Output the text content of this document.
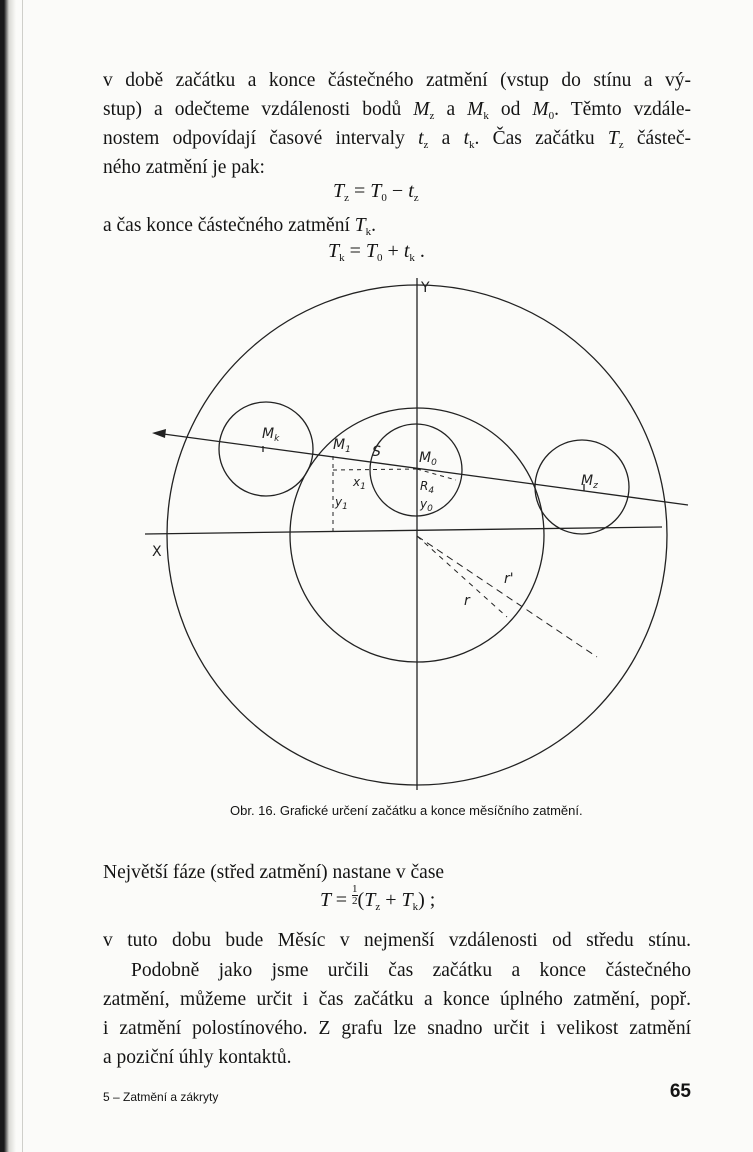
v době začátku a konce částečného zatmění (vstup do stínu a vý-
stup) a odečteme vzdálenosti bodů $M_z$ a $M_k$ od $M_0$. Těmto vzdále-
nostem odpovídají časové intervaly $t_z$ a $t_k$. Čas začátku $T_z$ částeč-
ného zatmění je pak:
$T_z = T_0 - t_z$
a čas konce částečného zatmění $T_k$.
$T_k = T_0 + t_k$ .
Y
X
$M_k$	$M_1$ S	$M_0$
$M_z$
$x_1$
$y_1$
$R_4$
$y_0$
r'
r
Obr. 16. Grafické určení začátku a konce měsíčního zatmění.
Největší fáze (střed zatmění) nastane v čase
$T = \frac{1}{2} (T_z + T_k)$ ;
v tuto dobu bude Měsíc v nejmenší vzdálenosti od středu stínu.
Podobně jako jsme určili čas začátku a konce částečného
zatmění, můžeme určit i čas začátku a konce úplného zatmění, popř.
i zatmění polostínového. Z grafu lze snadno určit i velikost zatmění
a poziční úhly kontaktů.
5 – Zatmění a zákryty	65
